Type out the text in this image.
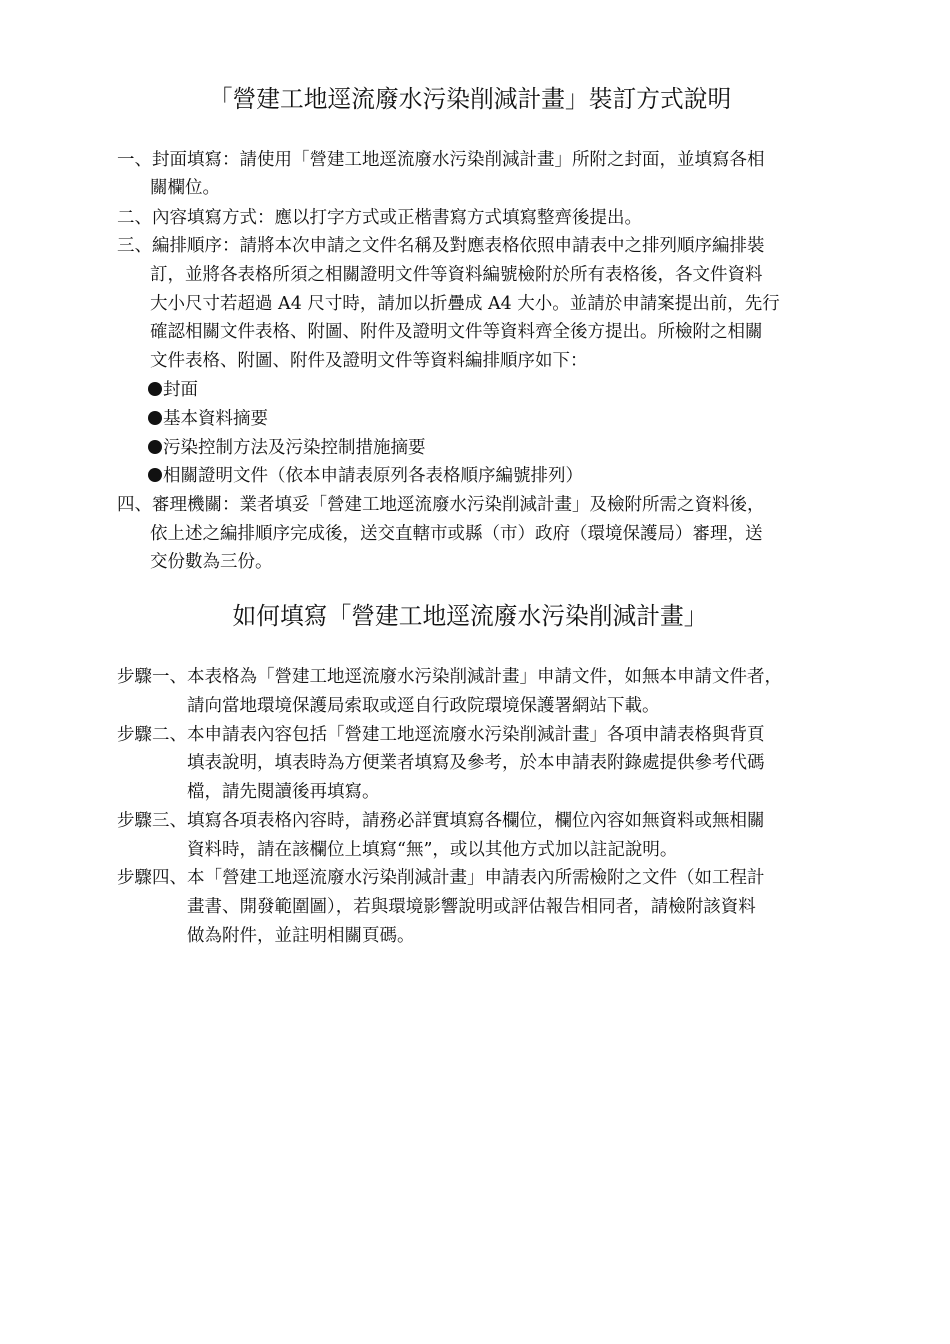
「營建工地逕流廢水污染削減計畫」裝訂方式說明
一、封面填寫：請使用「營建工地逕流廢水污染削減計畫」所附之封面，並填寫各相
關欄位。
二、內容填寫方式：應以打字方式或正楷書寫方式填寫整齊後提出。
三、編排順序：請將本次申請之文件名稱及對應表格依照申請表中之排列順序編排裝
訂，並將各表格所須之相關證明文件等資料編號檢附於所有表格後，各文件資料
大小尺寸若超過 A4 尺寸時，請加以折疊成 A4 大小。並請於申請案提出前，先行
確認相關文件表格、附圖、附件及證明文件等資料齊全後方提出。所檢附之相關
文件表格、附圖、附件及證明文件等資料編排順序如下：
封面
基本資料摘要
污染控制方法及污染控制措施摘要
相關證明文件（依本申請表原列各表格順序編號排列）
四、審理機關：業者填妥「營建工地逕流廢水污染削減計畫」及檢附所需之資料後，
依上述之編排順序完成後，送交直轄市或縣（市）政府（環境保護局）審理，送
交份數為三份。
如何填寫「營建工地逕流廢水污染削減計畫」
步驟一、本表格為「營建工地逕流廢水污染削減計畫」申請文件，如無本申請文件者，
請向當地環境保護局索取或逕自行政院環境保護署網站下載。
步驟二、本申請表內容包括「營建工地逕流廢水污染削減計畫」各項申請表格與背頁
填表說明，填表時為方便業者填寫及參考，於本申請表附錄處提供參考代碼
檔，請先閱讀後再填寫。
步驟三、填寫各項表格內容時，請務必詳實填寫各欄位，欄位內容如無資料或無相關
資料時，請在該欄位上填寫“無”，或以其他方式加以註記說明。
步驟四、本「營建工地逕流廢水污染削減計畫」申請表內所需檢附之文件（如工程計
畫書、開發範圍圖），若與環境影響說明或評估報告相同者，請檢附該資料
做為附件，並註明相關頁碼。
